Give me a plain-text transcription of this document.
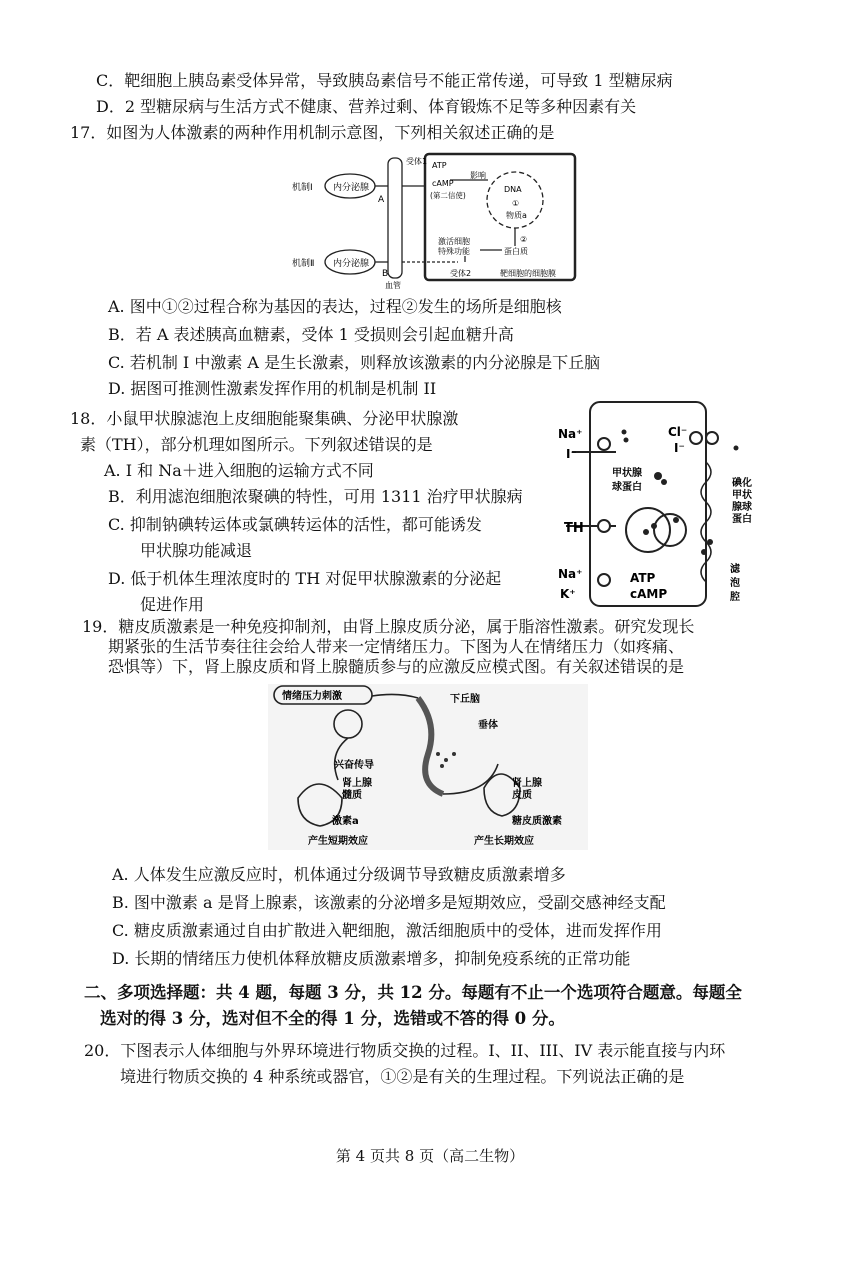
C．靶细胞上胰岛素受体异常，导致胰岛素信号不能正常传递，可导致 1 型糖尿病
D．2 型糖尿病与生活方式不健康、营养过剩、体育锻炼不足等多种因素有关
17．如图为人体激素的两种作用机制示意图，下列相关叙述正确的是
机制Ⅰ 内分泌腺
A
机制Ⅱ 内分泌腺
B
血管
受体1 ATP
cAMP
(第二信使)
影响
DNA
①
物质a
②
蛋白质
激活细胞
特殊功能
受体2	靶细胞的细胞膜
A. 图中①②过程合称为基因的表达，过程②发生的场所是细胞核
B．若 A 表述胰高血糖素，受体 1 受损则会引起血糖升高
C. 若机制 I 中激素 A 是生长激素，则释放该激素的内分泌腺是下丘脑
D. 据图可推测性激素发挥作用的机制是机制 II
18．小鼠甲状腺滤泡上皮细胞能聚集碘、分泌甲状腺激
素（TH），部分机理如图所示。下列叙述错误的是
A. I 和 Na＋进入细胞的运输方式不同
B．利用滤泡细胞浓聚碘的特性，可用 1311 治疗甲状腺病
C. 抑制钠碘转运体或氯碘转运体的活性，都可能诱发
甲状腺功能减退
D. 低于机体生理浓度时的 TH 对促甲状腺激素的分泌起
促进作用
Na⁺
I⁻
Cl⁻
I⁻
甲状腺
球蛋白
TH
碘化
甲状
腺球
蛋白
Na⁺
K⁺
ATP
cAMP
滤
泡
腔
19．糖皮质激素是一种免疫抑制剂，由肾上腺皮质分泌，属于脂溶性激素。研究发现长
期紧张的生活节奏往往会给人带来一定情绪压力。下图为人在情绪压力（如疼痛、
恐惧等）下，肾上腺皮质和肾上腺髓质参与的应激反应模式图。有关叙述错误的是
情绪压力刺激	下丘脑
垂体
兴奋传导
肾上腺
髓质
激素a
产生短期效应
肾上腺
皮质
糖皮质激素
产生长期效应
A. 人体发生应激反应时，机体通过分级调节导致糖皮质激素增多
B. 图中激素 a 是肾上腺素，该激素的分泌增多是短期效应，受副交感神经支配
C. 糖皮质激素通过自由扩散进入靶细胞，激活细胞质中的受体，进而发挥作用
D. 长期的情绪压力使机体释放糖皮质激素增多，抑制免疫系统的正常功能
二、多项选择题：共 4 题，每题 3 分，共 12 分。每题有不止一个选项符合题意。每题全
选对的得 3 分，选对但不全的得 1 分，选错或不答的得 0 分。
20．下图表示人体细胞与外界环境进行物质交换的过程。I、II、III、IV 表示能直接与内环
境进行物质交换的 4 种系统或器官，①②是有关的生理过程。下列说法正确的是
第 4 页共 8 页（高二生物）
